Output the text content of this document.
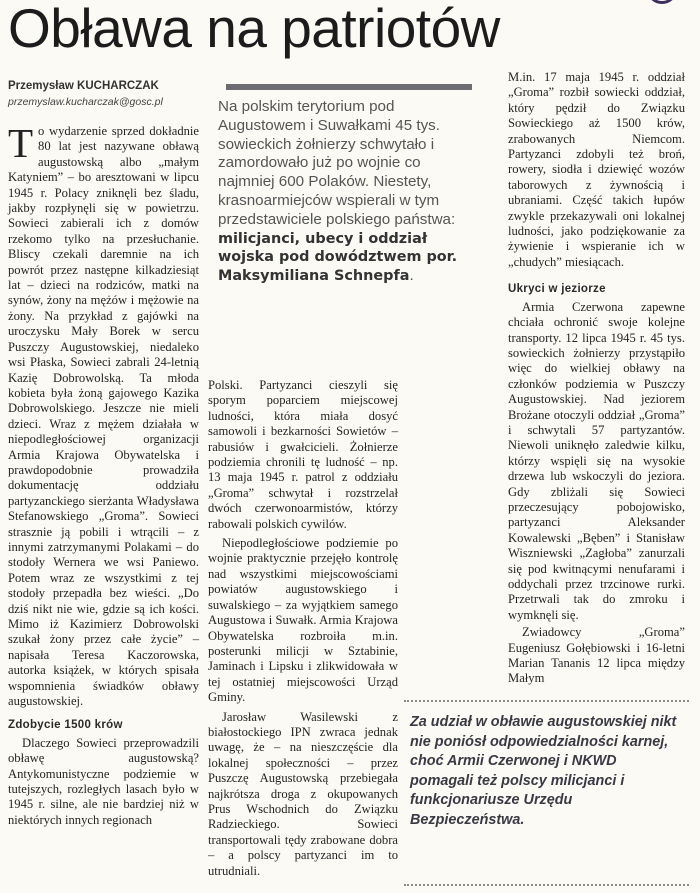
Obława na patriotów
Przemysław KUCHARCZAK
przemyslaw.kucharczak@gosc.pl	Na polskim terytorium pod Augustowem i Suwałkami 45 tys. sowieckich żołnierzy schwytało i zamordowało już po wojnie co najmniej 600 Polaków. Niestety, krasnoarmiejców wspierali w tym przedstawiciele polskiego państwa: milicjanci, ubecy i oddział wojska pod dowództwem por. Maksymiliana Schnepfa.

To wydarzenie sprzed dokładnie 80 lat jest nazywane obławą augustowską albo „małym Katyniem” – bo aresztowani w lipcu 1945 r. Polacy zniknęli bez śladu, jakby rozpłynęli się w powietrzu. Sowieci zabierali ich z domów rzekomo tylko na przesłuchanie. Bliscy czekali daremnie na ich powrót przez następne kilkadziesiąt lat – dzieci na rodziców, matki na synów, żony na mężów i mężowie na żony. Na przykład z gajówki na uroczysku Mały Borek w sercu Puszczy Augustowskiej, niedaleko wsi Płaska, Sowieci zabrali 24-letnią Kazię Dobrowolską. Ta młoda kobieta była żoną gajowego Kazika Dobrowolskiego. Jeszcze nie mieli dzieci. Wraz z mężem działała w niepodległościowej organizacji Armia Krajowa Obywatelska i prawdopodobnie prowadziła dokumentację oddziału partyzanckiego sierżanta Władysława Stefanowskiego „Groma”. Sowieci strasznie ją pobili i wtrącili – z innymi zatrzymanymi Polakami – do stodoły Wernera we wsi Paniewo. Potem wraz ze wszystkimi z tej stodoły przepadła bez wieści. „Do dziś nikt nie wie, gdzie są ich kości. Mimo iż Kazimierz Dobrowolski szukał żony przez całe życie” – napisała Teresa Kaczorowska, autorka książek, w których spisała wspomnienia świadków obławy augustowskiej.

Zdobycie 1500 krów

Dlaczego Sowieci przeprowadzili obławę augustowską? Antykomunistyczne podziemie w tutejszych, rozległych lasach było w 1945 r. silne, ale nie bardziej niż w niektórych innych regionach

Polski. Partyzanci cieszyli się sporym poparciem miejscowej ludności, która miała dosyć samowoli i bezkarności Sowietów – rabusiów i gwałcicieli. Żołnierze podziemia chronili tę ludność – np. 13 maja 1945 r. patrol z oddziału „Groma” schwytał i rozstrzelał dwóch czerwonoarmistów, którzy rabowali polskich cywilów.

Niepodległościowe podziemie po wojnie praktycznie przejęło kontrolę nad wszystkimi miejscowościami powiatów augustowskiego i suwalskiego – za wyjątkiem samego Augustowa i Suwałk. Armia Krajowa Obywatelska rozbroiła m.in. posterunki milicji w Sztabinie, Jaminach i Lipsku i zlikwidowała w tej ostatniej miejscowości Urząd Gminy.

Jarosław Wasilewski z białostockiego IPN zwraca jednak uwagę, że – na nieszczęście dla lokalnej społeczności – przez Puszczę Augustowską przebiegała najkrótsza droga z okupowanych Prus Wschodnich do Związku Radzieckiego. Sowieci transportowali tędy zrabowane dobra – a polscy partyzanci im to utrudniali.

M.in. 17 maja 1945 r. oddział „Groma” rozbił sowiecki oddział, który pędził do Związku Sowieckiego aż 1500 krów, zrabowanych Niemcom. Partyzanci zdobyli też broń, rowery, siodła i dziewięć wozów taborowych z żywnością i ubraniami. Część takich łupów zwykle przekazywali oni lokalnej ludności, jako podziękowanie za żywienie i wspieranie ich w „chudych” miesiącach.

Ukryci w jeziorze

Armia Czerwona zapewne chciała ochronić swoje kolejne transporty. 12 lipca 1945 r. 45 tys. sowieckich żołnierzy przystąpiło więc do wielkiej obławy na członków podziemia w Puszczy Augustowskiej. Nad jeziorem Brożane otoczyli oddział „Groma” i schwytali 57 partyzantów. Niewoli uniknęło zaledwie kilku, którzy wspięli się na wysokie drzewa lub wskoczyli do jeziora. Gdy zbliżali się Sowieci przeczesujący pobojowisko, partyzanci Aleksander Kowalewski „Bęben” i Stanisław Wiszniewski „Zagłoba” zanurzali się pod kwitnącymi nenufarami i oddychali przez trzcinowe rurki. Przetrwali tak do zmroku i wymknęli się.

Zwiadowcy „Groma” Eugeniusz Gołębiowski i 16-letni Marian Tananis 12 lipca między Małym

Za udział w obławie augustowskiej nikt nie poniósł odpowiedzialności karnej, choć Armii Czerwonej i NKWD pomagali też polscy milicjanci i funkcjonariusze Urzędu Bezpieczeństwa.
